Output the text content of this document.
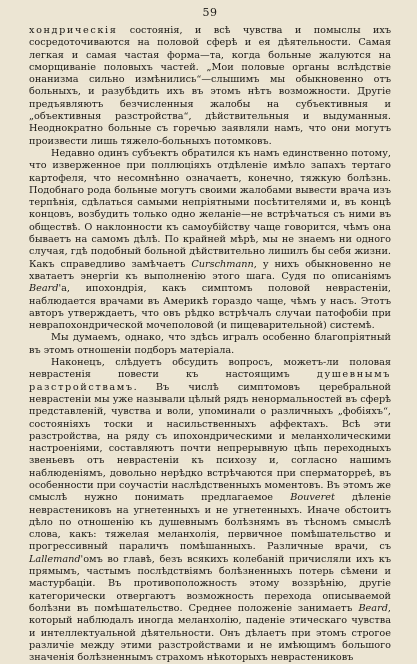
59

хондрическія состоянія, и всѣ чувства и помыслы ихъ сосредоточиваются на половой сферѣ и ея дѣятельности. Самая легкая и самая частая форма—та, когда больные жалуются на сморщиваніе половыхъ частей. „Мои половые органы вслѣдствіе онанизма сильно измѣнились“—слышимъ мы обыкновенно отъ больныхъ, и разубѣдить ихъ въ этомъ нѣтъ возможности. Другіе предъявляютъ безчисленныя жалобы на субъективныя и „объективныя разстройства“, дѣйствительныя и выдуманныя. Неоднократно больные съ горечью заявляли намъ, что они могутъ произвести лишь тяжело-больныхъ потомковъ.

Недавно одинъ субъектъ обратился къ намъ единственно потому, что изверженное при поллюціяхъ отдѣленіе имѣло запахъ тертаго картофеля, что несомнѣнно означаетъ, конечно, тяжкую болѣзнь. Подобнаго рода больные могутъ своими жалобами вывести врача изъ терпѣнія, сдѣлаться самыми непріятными посѣтителями и, въ концѣ концовъ, возбудить только одно желаніе—не встрѣчаться съ ними въ обществѣ. О наклонности къ самоубійству чаще говорится, чѣмъ она бываетъ на самомъ дѣлѣ. По крайней мѣрѣ, мы не знаемъ ни одного случая, гдѣ подобный больной дѣйствительно лишилъ бы себя жизни. Какъ справедливо замѣчаетъ Curschmann, у нихъ обыкновенно не хватаетъ энергіи къ выполненію этого шага. Судя по описаніямъ Beard'а, ипохондрія, какъ симптомъ половой неврастеніи, наблюдается врачами въ Америкѣ гораздо чаще, чѣмъ у насъ. Этотъ авторъ утверждаетъ, что овъ рѣдко встрѣчалъ случаи патофобіи при неврапохондрической мочеполовой (и пищеварительной) системѣ.

Мы думаемъ, однако, что здѣсь игралъ особенно благопріятный въ этомъ отношеніи подборъ матеріала.

Наконецъ, слѣдуетъ обсудить вопросъ, можетъ-ли половая неврастенія повести къ настоящимъ душевнымъ разстройствамъ. Въ числѣ симптомовъ церебральной неврастеніи мы уже называли цѣлый рядъ ненормальностей въ сферѣ представленій, чувства и воли, упоминали о различныхъ „фобіяхъ“, состояніяхъ тоски и насильственныхъ аффектахъ. Всѣ эти разстройства, на ряду съ ипохондрическими и меланхолическими настроеніями, составляютъ почти непрерывную цѣпь переходныхъ звеньевъ отъ неврастеніи къ психозу и, согласно нашимъ наблюденіямъ, довольно нерѣдко встрѣчаются при сперматорреѣ, въ особенности при соучастіи наслѣдственныхъ моментовъ. Въ этомъ же смыслѣ нужно понимать предлагаемое Bouveret дѣленіе неврастениковъ на угнетенныхъ и не угнетенныхъ. Иначе обстоитъ дѣло по отношенію къ душевнымъ болѣзнямъ въ тѣсномъ смыслѣ слова, какъ: тяжелая меланхолія, первичное помѣшательство и прогрессивный параличъ помѣшанныхъ. Различные врачи, съ Lallemand'омъ во главѣ, безъ всякихъ колебаній причисляли ихъ къ прямымъ, частымъ послѣдствіямъ болѣзненныхъ потерь сѣмени и мастурбаціи. Въ противоположность этому воззрѣнію, другіе категорически отвергаютъ возможность перехода описываемой болѣзни въ помѣшательство. Среднее положеніе занимаетъ Beard, который наблюдалъ иногда меланхолію, паденіе этическаго чувства и интеллектуальной дѣятельности. Онъ дѣлаетъ при этомъ строгое различіе между этими разстройствами и не имѣющимъ большого значенія болѣзненнымъ страхомъ нѣкоторыхъ неврастениковъ
